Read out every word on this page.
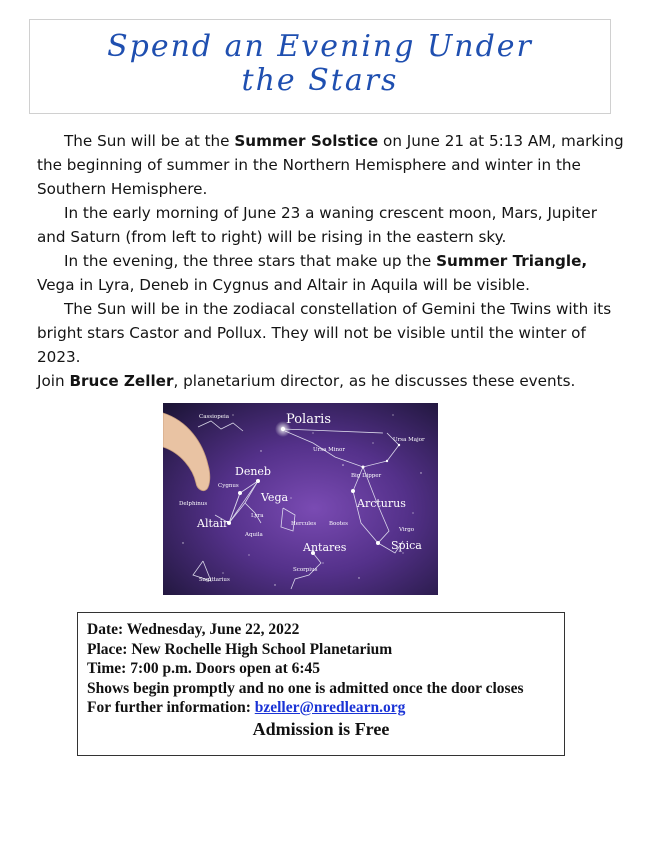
Spend an Evening Under
the Stars

The Sun will be at the Summer Solstice on June 21 at 5:13 AM, marking the beginning of summer in the Northern Hemisphere and winter in the Southern Hemisphere.

In the early morning of June 23 a waning crescent moon, Mars, Jupiter and Saturn (from left to right) will be rising in the eastern sky.

In the evening, the three stars that make up the Summer Triangle, Vega in Lyra, Deneb in Cygnus and Altair in Aquila will be visible.

The Sun will be in the zodiacal constellation of Gemini the Twins with its bright stars Castor and Pollux. They will not be visible until the winter of 2023.

Join Bruce Zeller, planetarium director, as he discusses these events.

Polaris
Cassiopeia
Ursa Minor
Ursa Major
Big Dipper
Deneb
Cygnus
Vega
Delphinus
Altair
Lyra
Aquila
Hercules Bootes
Arcturus
Virgo
Spica
Antares
Scorpius
Sagittarius
Date: Wednesday, June 22, 2022
Place: New Rochelle High School Planetarium
Time: 7:00 p.m. Doors open at 6:45
Shows begin promptly and no one is admitted once the door closes
For further information: bzeller@nredlearn.org
Admission is Free
